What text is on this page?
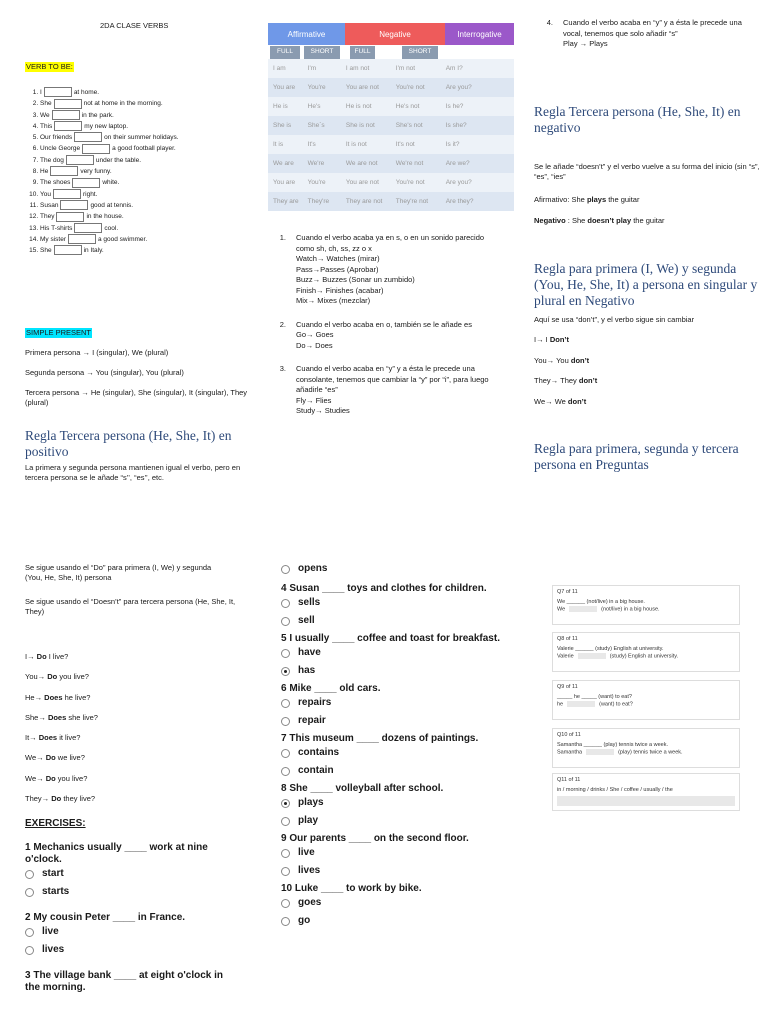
2DA CLASE VERBS
VERB TO BE:
1. I	at home.
2. She	not at home in the morning.
3. We	in the park.
4. This	my new laptop.
5. Our friends	on their summer holidays.
6. Uncle George	a good football player.
7. The dog	under the table.
8. He	very funny.
9. The shoes	white.
10. You	right.
11. Susan	good at tennis.
12. They	in the house.
13. His T-shirts	cool.
14. My sister	a good swimmer.
15. She	in Italy.
SIMPLE PRESENT

Primera persona → I (singular), We (plural)

Segunda persona → You (singular), You (plural)

Tercera persona → He (singular), She (singular), It (singular), They (plural)

Regla Tercera persona (He, She, It) en positivo
La primera y segunda persona mantienen igual el verbo, pero en tercera persona se le añade “s’’, “es’’, etc.
Affirmative	Negative	Interrogative
FULL	SHORT	FULL	SHORT
I am	I'm	I am not	I'm not	Am I?
You are	You're	You are not	You're not	Are you?
He is	He's	He is not	He's not	Is he?
She is	She`s	She is not	She's not	Is she?
It is	It's	It is not	It's not	Is it?
We are	We're	We are not	We're not	Are we?
You are	You're	You are not	You're not	Are you?
They are	They're	They are not	They're not	Are they?
1.	Cuando el verbo acaba ya en s, o en un sonido parecido como sh, ch, ss, zz o x
Watch→ Watches (mirar)
Pass→Passes (Aprobar)
Buzz→ Buzzes (Sonar un zumbido)
Finish→ Finishes (acabar)
Mix→ Mixes (mezclar)
2.	Cuando el verbo acaba en o, también se le añade es
Go→ Goes
Do→ Does
3.	Cuando el verbo acaba en “y” y a ésta le precede una consolante, tenemos que cambiar la “y” por “i”, para luego añadirle “es”
Fly→ Flies
Study→ Studies
4.	Cuando el verbo acaba en “y” y a ésta le precede una vocal, tenemos que solo añadir “s”
Play → Plays
Regla Tercera persona (He, She, It) en negativo
Se le añade “doesn’t” y el verbo vuelve a su forma del inicio (sin “s”, “es”, “ies”
Afirmativo: She plays the guitar
Negativo : She doesn’t play the guitar
Regla para primera (I, We) y segunda (You, He, She, It) a persona en singular y plural en Negativo
Aquí se usa “don’t”, y el verbo sigue sin cambiar
I→ I Don’t
You→ You don’t
They→ They don’t
We→ We don’t
Regla para primera, segunda y tercera persona en Preguntas
Se sigue usando el “Do” para primera (I, We) y segunda (You, He, She, It) persona
Se sigue usando el “Doesn’t” para tercera persona (He, She, It, They)
I→ Do I live?
You→ Do you live?
He→ Does he live?
She→ Does she live?
It→ Does it live?
We→ Do we live?
We→ Do you live?
They→ Do they live?
EXERCISES:
1 Mechanics usually ____ work at nine o'clock.
start
starts
2 My cousin Peter ____ in France.
live
lives
3 The village bank ____ at eight o'clock in the morning.
opens
4 Susan ____ toys and clothes for children.
sells
sell
5 I usually ____ coffee and toast for breakfast.
have
has
6 Mike ____ old cars.
repairs
repair
7 This museum ____ dozens of paintings.
contains
contain
8 She ____ volleyball after school.
plays
play
9 Our parents ____ on the second floor.
live
lives
10 Luke ____ to work by bike.
goes
go
Q7 of 11
We ______ (not/live) in a big house.
We	(not/live) in a big house.
Q8 of 11
Valerie ______ (study) English at university.
Valerie	(study) English at university.
Q9 of 11
_____ he _____ (want) to eat?
he	(want) to eat?
Q10 of 11
Samantha ______ (play) tennis twice a week.
Samantha	(play) tennis twice a week.
Q11 of 11
in / morning / drinks / She / coffee / usually / the
